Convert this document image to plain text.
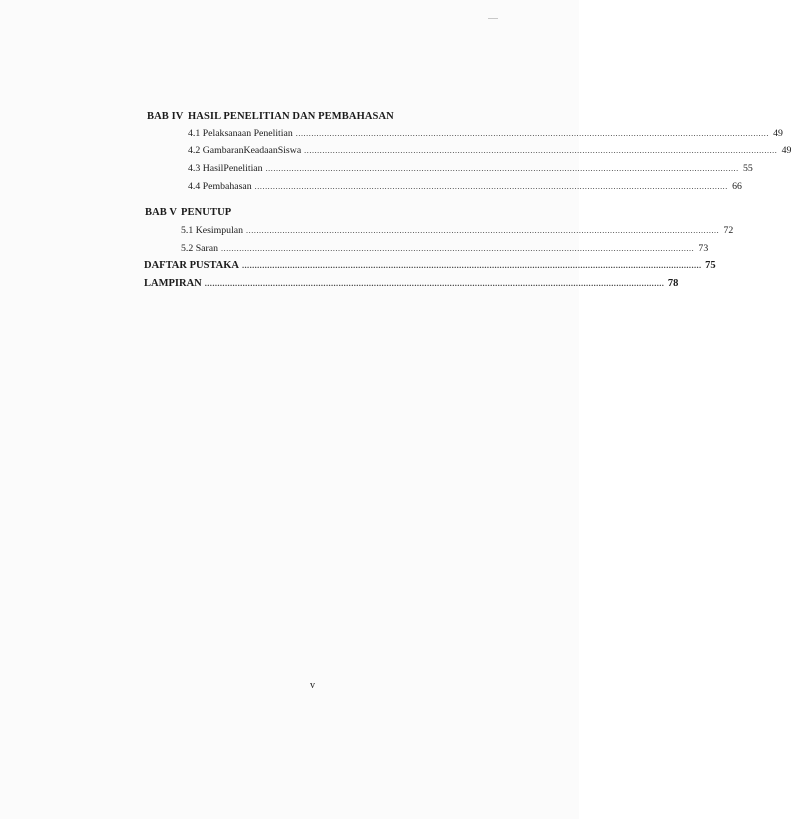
BAB IV HASIL PENELITIAN DAN PEMBAHASAN
4.1 Pelaksanaan Penelitian ...................................................................................................................................................................................... 49
4.2 GambaranKeadaanSiswa ...................................................................................................................................................................................... 49
4.3 HasilPenelitian ...................................................................................................................................................................................... 55
4.4 Pembahasan ...................................................................................................................................................................................... 66
BAB V PENUTUP
5.1 Kesimpulan ...................................................................................................................................................................................... 72
5.2 Saran ...................................................................................................................................................................................... 73
DAFTAR PUSTAKA ...................................................................................................................................................................................... 75
LAMPIRAN ...................................................................................................................................................................................... 78
v
